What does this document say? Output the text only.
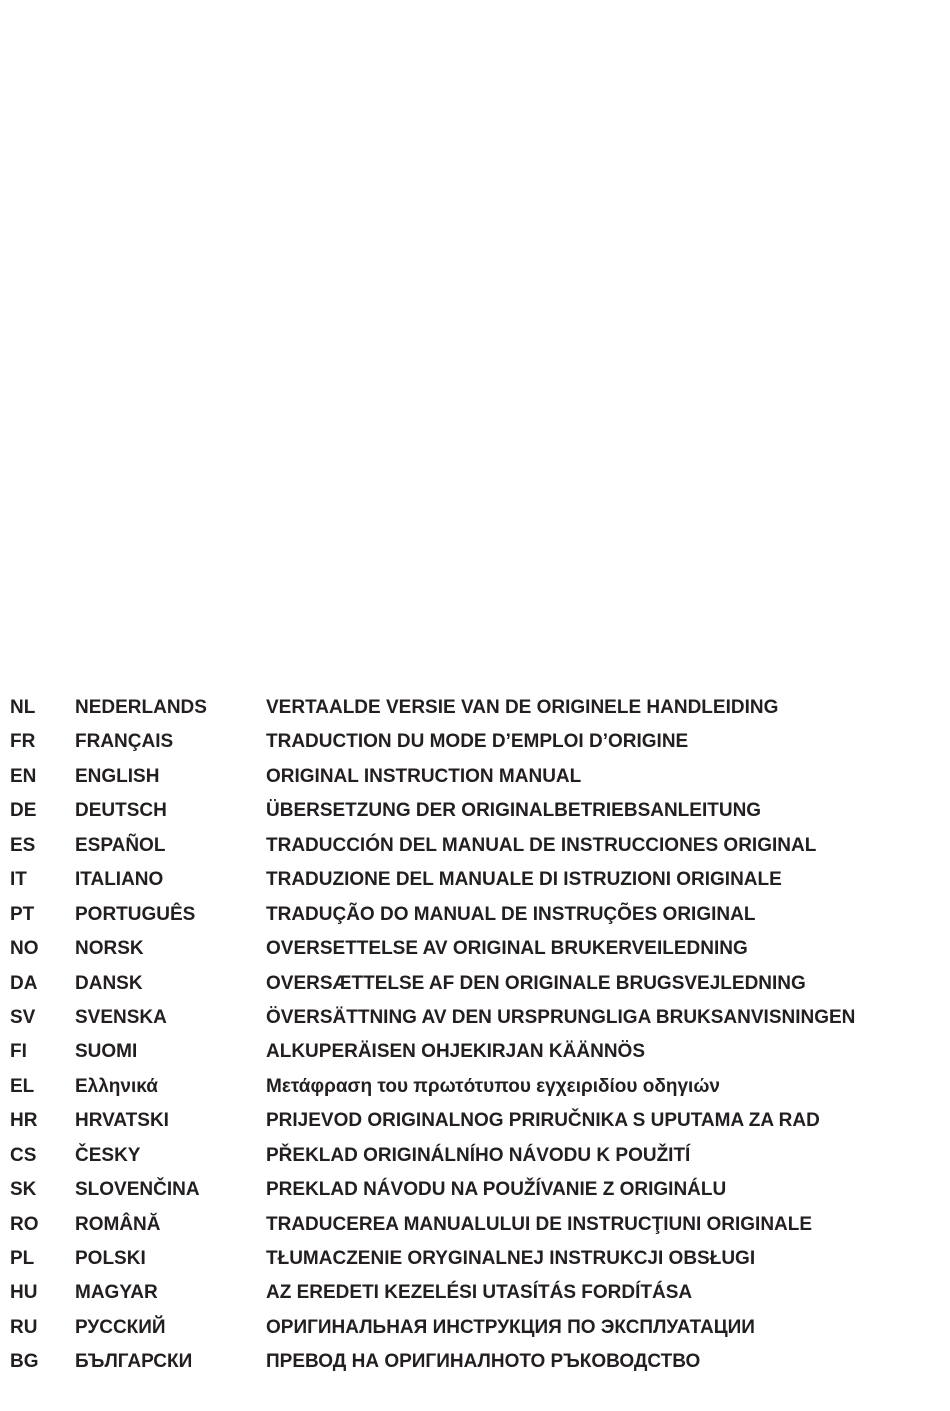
NL NEDERLANDS	VERTAALDE VERSIE VAN DE ORIGINELE HANDLEIDING
FR FRANÇAIS	TRADUCTION DU MODE D’EMPLOI D’ORIGINE
EN ENGLISH	ORIGINAL INSTRUCTION MANUAL
DE DEUTSCH	ÜBERSETZUNG DER ORIGINALBETRIEBSANLEITUNG
ES ESPAÑOL	TRADUCCIÓN DEL MANUAL DE INSTRUCCIONES ORIGINAL
IT	ITALIANO	TRADUZIONE DEL MANUALE DI ISTRUZIONI ORIGINALE
PT PORTUGUÊS	TRADUÇÃO DO MANUAL DE INSTRUÇÕES ORIGINAL
NO NORSK	OVERSETTELSE AV ORIGINAL BRUKERVEILEDNING
DA DANSK	OVERSÆTTELSE AF DEN ORIGINALE BRUGSVEJLEDNING
SV SVENSKA	ÖVERSÄTTNING AV DEN URSPRUNGLIGA BRUKSANVISNINGEN
FI	SUOMI	ALKUPERÄISEN OHJEKIRJAN KÄÄNNÖS
EL Ελληνικά	Μετάφραση του πρωτότυπου εγχειριδίου οδηγιών
HR HRVATSKI	PRIJEVOD ORIGINALNOG PRIRUČNIKA S UPUTAMA ZA RAD
CS ČESKY	PŘEKLAD ORIGINÁLNÍHO NÁVODU K POUŽITÍ
SK SLOVENČINA	PREKLAD NÁVODU NA POUŽÍVANIE Z ORIGINÁLU
RO ROMÂNĂ	TRADUCEREA MANUALULUI DE INSTRUCŢIUNI ORIGINALE
PL POLSKI	TŁUMACZENIE ORYGINALNEJ INSTRUKCJI OBSŁUGI
HU MAGYAR	AZ EREDETI KEZELÉSI UTASÍTÁS FORDÍTÁSA
RU РУССКИЙ	ОРИГИНАЛЬНАЯ ИНСТРУКЦИЯ ПО ЭКСПЛУАТАЦИИ
BG БЪЛГАРСКИ	ПРЕВОД НА ОРИГИНАЛНОТО РЪКОВОДСТВО
